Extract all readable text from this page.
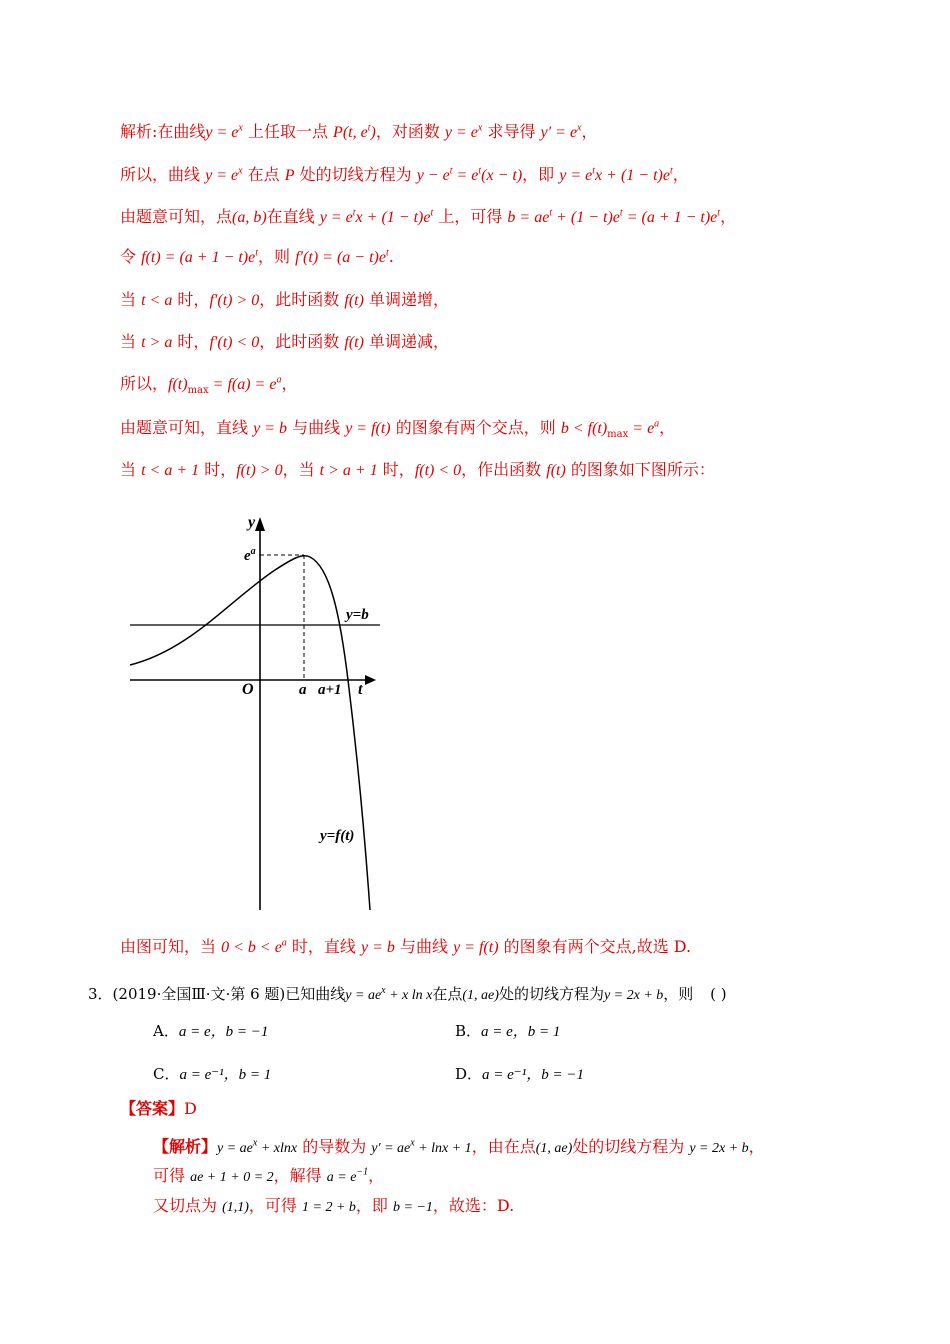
解析:在曲线$y = e^x$ 上任取一点 P(t, $e^t$)，对函数 $y = e^x$ 求导得 $y' = e^x$，
所以，曲线 $y = e^x$ 在点 P 处的切线方程为 $y - e^t = e^t(x - t)$，即 $y = e^tx + (1 - t)e^t$，
由题意可知，点(a, b)在直线 $y = e^tx + (1 - t)e^t$ 上，可得 $b = ae^t + (1 - t)e^t = (a + 1 - t)e^t$，
令 $f(t) = (a + 1 - t)e^t$，则 $f'(t) = (a - t)e^t$.
当 t < a 时，f′(t) > 0，此时函数 f(t) 单调递增，
当 t > a 时，f′(t) < 0，此时函数 f(t) 单调递减，
所以，$f(t)_{max} = f(a) = e^a$，
由题意可知，直线 y = b 与曲线 y = f(t) 的图象有两个交点，则 $b < f(t)_{max} = e^a$，
当 t < a + 1 时，f(t) > 0，当 t > a + 1 时，f(t) < 0，作出函数 f(t) 的图象如下图所示：
y
$e^a$
y=b
O	a a+1 t
y=f(t)
由图可知，当 $0 < b < e^a$ 时，直线 y = b 与曲线 y = f(t) 的图象有两个交点,故选 D.
3．(2019·全国Ⅲ·文·第 6 题)已知曲线$y = ae^x + x$ ln x在点(1, ae)处的切线方程为y = 2x + b，则 ( )
A．a = e，b = −1	B．a = e，b = 1
C．a = e⁻¹，b = 1	D．a = e⁻¹，b = −1
【答案】D
【解析】$y = ae^x + xlnx$ 的导数为 $y' = ae^x + \ln x + 1$，由在点(1, ae)处的切线方程为 y = 2x + b，
可得 ae + 1 + 0 = 2，解得 $a = e^{-1}$，
又切点为 (1,1)，可得 1 = 2 + b，即 b = −1，故选：D.
